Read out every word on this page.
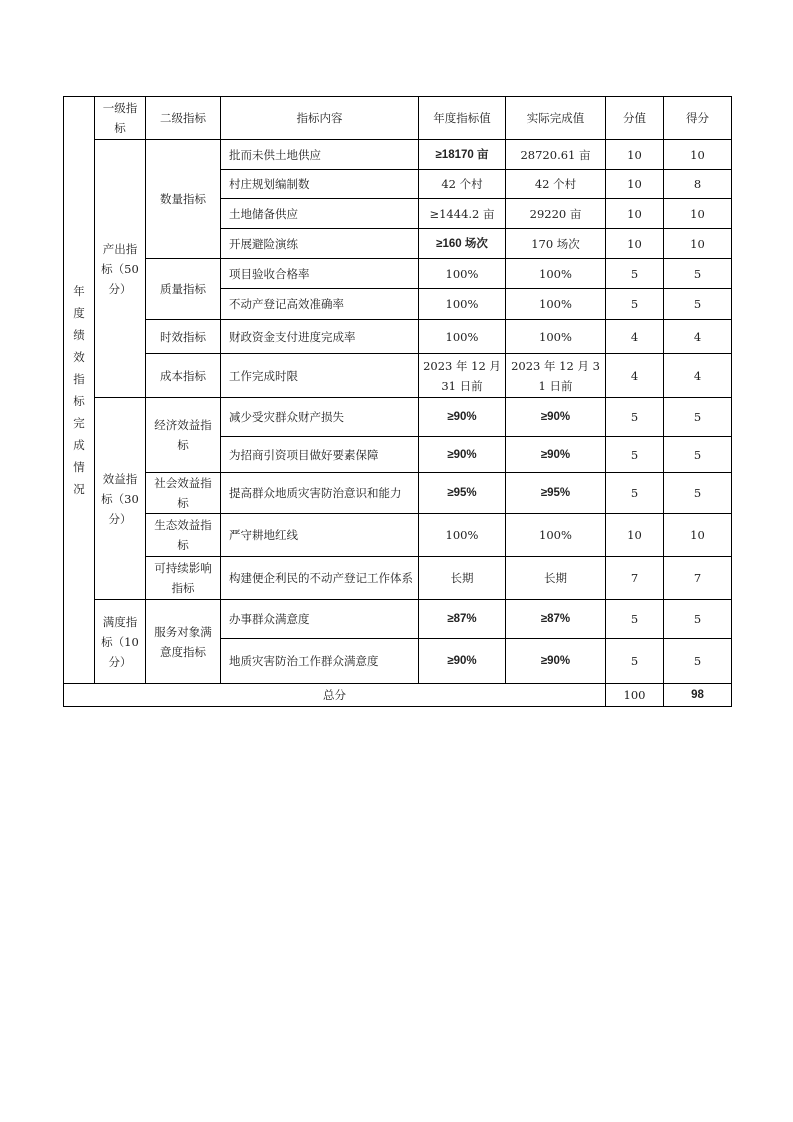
年度绩效指标完成情况	一级指标	二级指标	指标内容	年度指标值	实际完成值	分值	得分
	产出指标（50分）	数量指标	批而未供土地供应	≥18170 亩	28720.61 亩	10	10
			村庄规划编制数	42 个村	42 个村	10	8
			土地储备供应	≥1444.2 亩	29220 亩	10	10
			开展避险演练	≥160 场次	170 场次	10	10
		质量指标	项目验收合格率	100%	100%	5	5
			不动产登记高效准确率	100%	100%	5	5
		时效指标	财政资金支付进度完成率	100%	100%	4	4
		成本指标	工作完成时限	2023 年 12 月 31 日前	2023 年 12 月 31 日前	4	4
	效益指标（30分）	经济效益指标	减少受灾群众财产损失	≥90%	≥90%	5	5
			为招商引资项目做好要素保障	≥90%	≥90%	5	5
		社会效益指标	提高群众地质灾害防治意识和能力	≥95%	≥95%	5	5
		生态效益指标	严守耕地红线	100%	100%	10	10
		可持续影响指标	构建便企利民的不动产登记工作体系	长期	长期	7	7
	满度指标（10分）	服务对象满意度指标	办事群众满意度	≥87%	≥87%	5	5
			地质灾害防治工作群众满意度	≥90%	≥90%	5	5
总分						100	98
